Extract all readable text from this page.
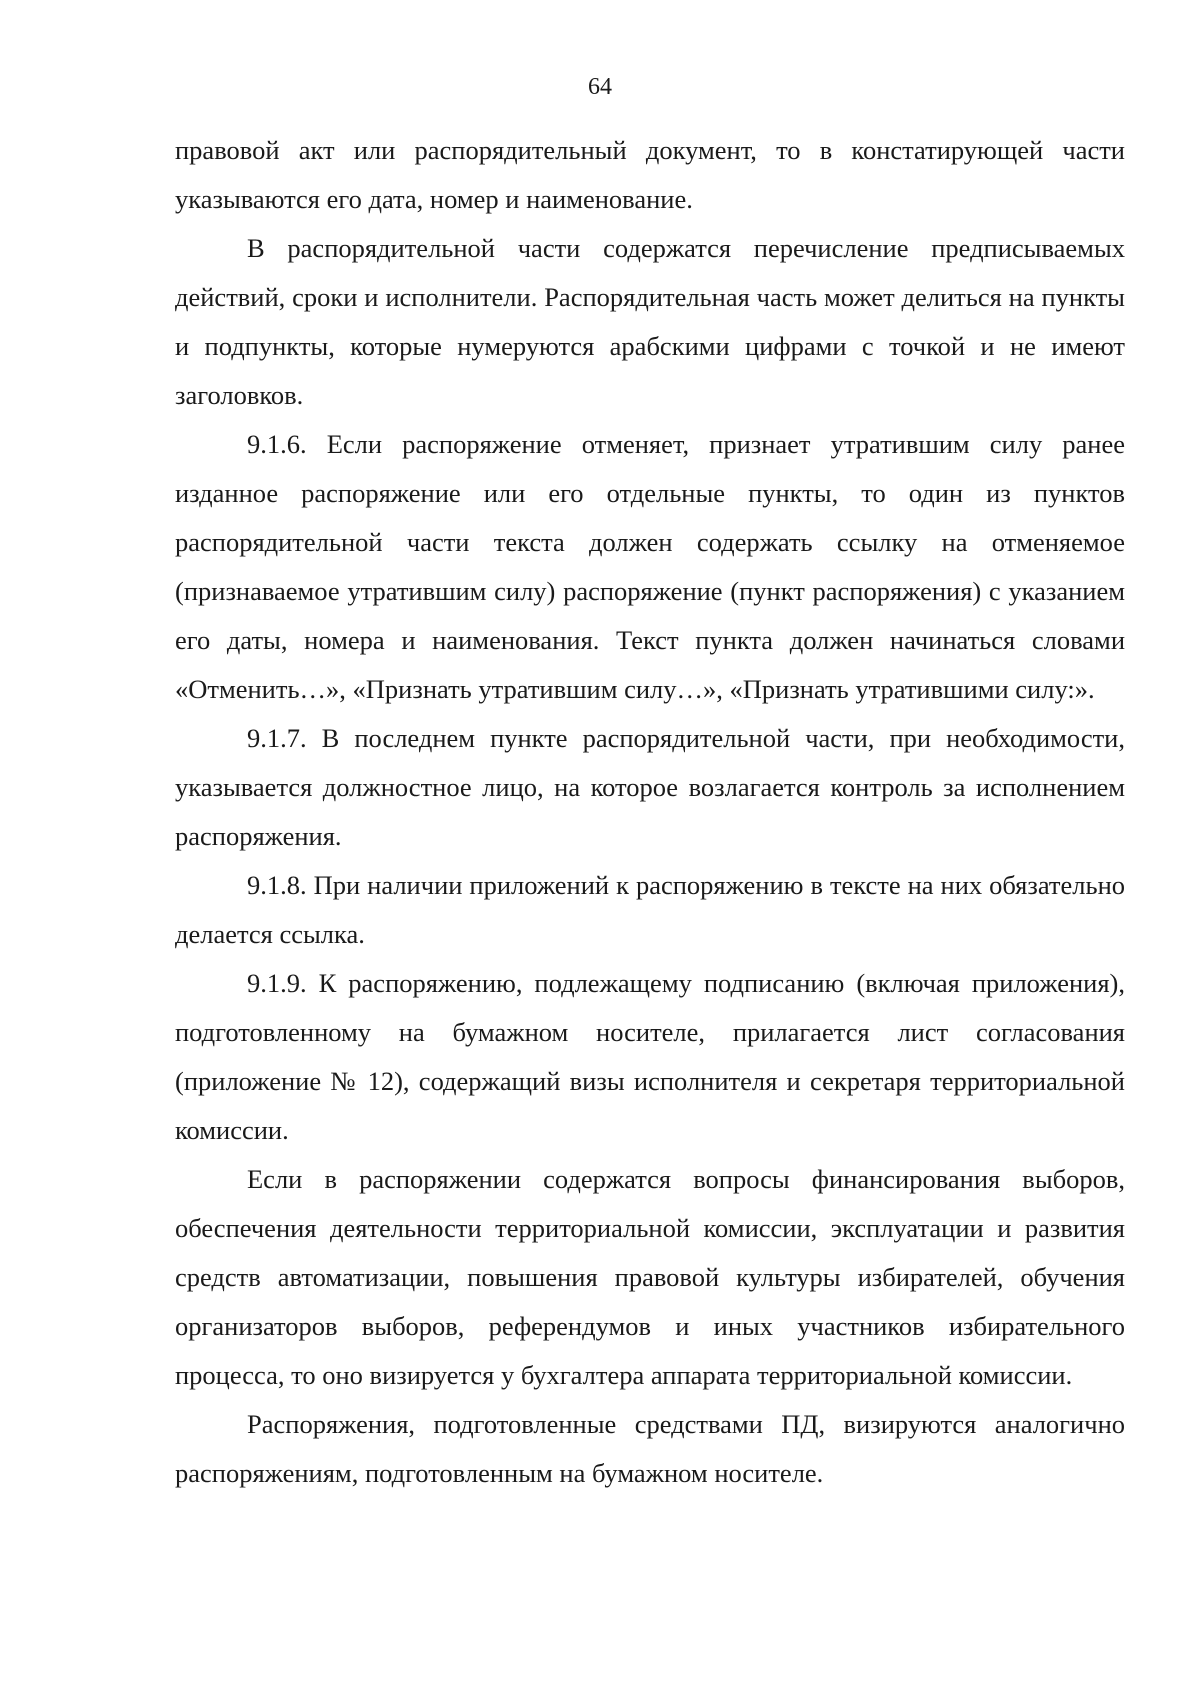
64

правовой акт или распорядительный документ, то в констатирующей части указываются его дата, номер и наименование.

В распорядительной части содержатся перечисление предписываемых действий, сроки и исполнители. Распорядительная часть может делиться на пункты и подпункты, которые нумеруются арабскими цифрами с точкой и не имеют заголовков.

9.1.6. Если распоряжение отменяет, признает утратившим силу ранее изданное распоряжение или его отдельные пункты, то один из пунктов распорядительной части текста должен содержать ссылку на отменяемое (признаваемое утратившим силу) распоряжение (пункт распоряжения) с указанием его даты, номера и наименования. Текст пункта должен начинаться словами «Отменить…», «Признать утратившим силу…», «Признать утратившими силу:».

9.1.7. В последнем пункте распорядительной части, при необходимости, указывается должностное лицо, на которое возлагается контроль за исполнением распоряжения.

9.1.8. При наличии приложений к распоряжению в тексте на них обязательно делается ссылка.

9.1.9. К распоряжению, подлежащему подписанию (включая приложения), подготовленному на бумажном носителе, прилагается лист согласования (приложение № 12), содержащий визы исполнителя и секретаря территориальной комиссии.

Если в распоряжении содержатся вопросы финансирования выборов, обеспечения деятельности территориальной комиссии, эксплуатации и развития средств автоматизации, повышения правовой культуры избирателей, обучения организаторов выборов, референдумов и иных участников избирательного процесса, то оно визируется у бухгалтера аппарата территориальной комиссии.

Распоряжения, подготовленные средствами ПД, визируются аналогично распоряжениям, подготовленным на бумажном носителе.
